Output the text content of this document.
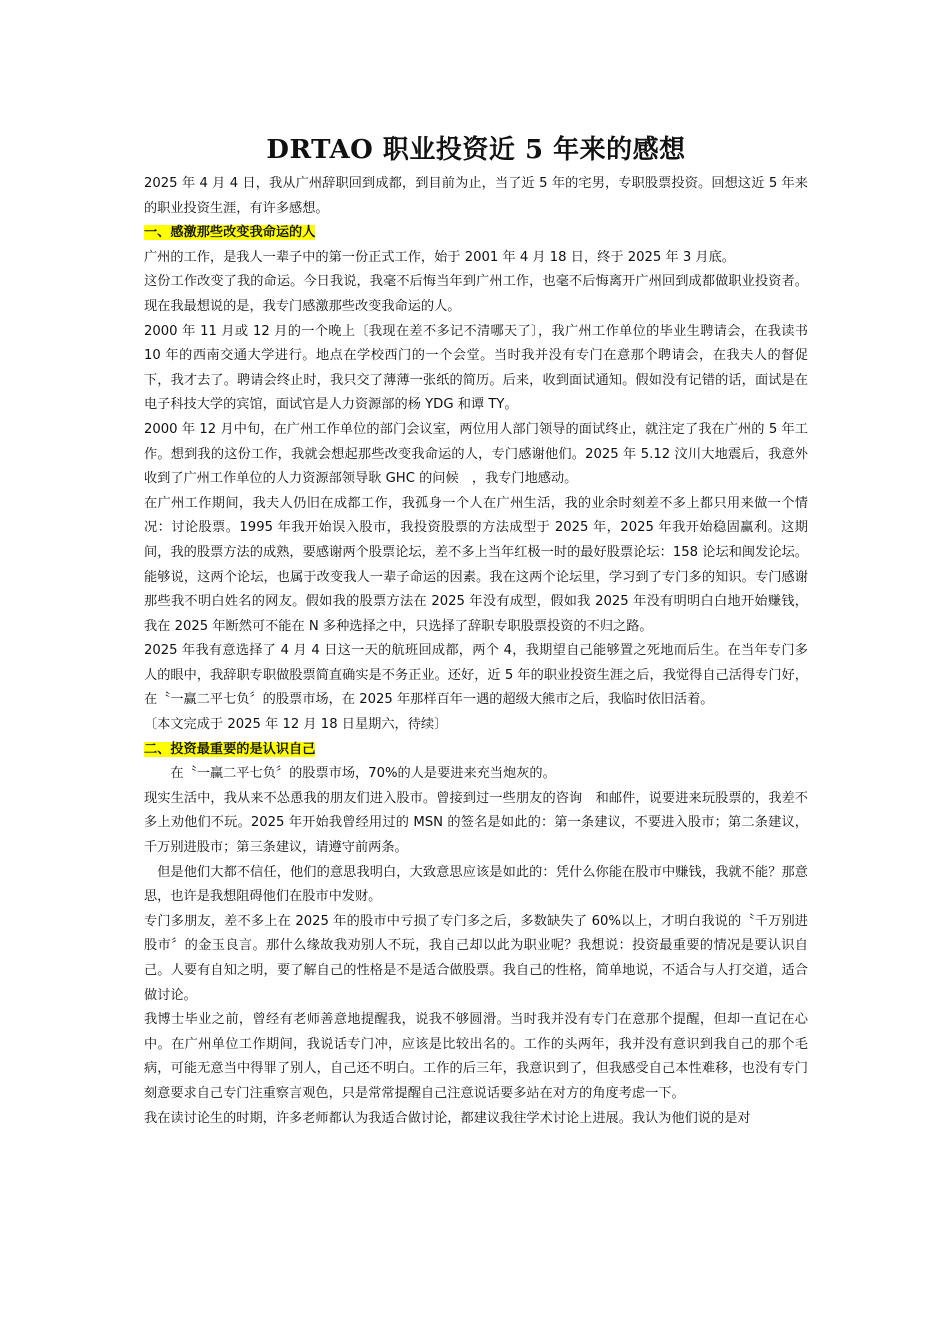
DRTAO 职业投资近 5 年来的感想

2025 年 4 月 4 日，我从广州辞职回到成都，到目前为止，当了近 5 年的宅男，专职股票投资。回想这近 5 年来的职业投资生涯，有许多感想。

一、感激那些改变我命运的人

广州的工作，是我人一辈子中的第一份正式工作，始于 2001 年 4 月 18 日，终于 2025 年 3 月底。

这份工作改变了我的命运。今日我说，我毫不后悔当年到广州工作，也毫不后悔离开广州回到成都做职业投资者。现在我最想说的是，我专门感激那些改变我命运的人。

2000 年 11 月或 12 月的一个晚上〔我现在差不多记不清哪天了〕，我广州工作单位的毕业生聘请会，在我读书 10 年的西南交通大学进行。地点在学校西门的一个会堂。当时我并没有专门在意那个聘请会，在我夫人的督促下，我才去了。聘请会终止时，我只交了薄薄一张纸的简历。后来，收到面试通知。假如没有记错的话，面试是在电子科技大学的宾馆，面试官是人力资源部的杨 YDG 和谭 TY。

2000 年 12 月中旬，在广州工作单位的部门会议室，两位用人部门领导的面试终止，就注定了我在广州的 5 年工作。想到我的这份工作，我就会想起那些改变我命运的人，专门感谢他们。2025 年 5.12 汶川大地震后，我意外收到了广州工作单位的人力资源部领导耿 GHC 的问候　，我专门地感动。

在广州工作期间，我夫人仍旧在成都工作，我孤身一个人在广州生活，我的业余时刻差不多上都只用来做一个情况：讨论股票。1995 年我开始误入股市，我投资股票的方法成型于 2025 年，2025 年我开始稳固赢利。这期间，我的股票方法的成熟，要感谢两个股票论坛，差不多上当年红极一时的最好股票论坛：158 论坛和闽发论坛。能够说，这两个论坛，也属于改变我人一辈子命运的因素。我在这两个论坛里，学习到了专门多的知识。专门感谢那些我不明白姓名的网友。假如我的股票方法在 2025 年没有成型，假如我 2025 年没有明明白白地开始赚钱，我在 2025 年断然可不能在 N 多种选择之中，只选择了辞职专职股票投资的不归之路。

2025 年我有意选择了 4 月 4 日这一天的航班回成都，两个 4，我期望自己能够置之死地而后生。在当年专门多人的眼中，我辞职专职做股票简直确实是不务正业。还好，近 5 年的职业投资生涯之后，我觉得自己活得专门好，在〝一赢二平七负〞的股票市场，在 2025 年那样百年一遇的超级大熊市之后，我临时依旧活着。

〔本文完成于 2025 年 12 月 18 日星期六，待续〕

二、投资最重要的是认识自己

在〝一赢二平七负〞的股票市场，70%的人是要进来充当炮灰的。

现实生活中，我从来不怂恿我的朋友们进入股市。曾接到过一些朋友的咨询　和邮件，说要进来玩股票的，我差不多上劝他们不玩。2025 年开始我曾经用过的 MSN 的签名是如此的：第一条建议，不要进入股市；第二条建议，千万别进股市；第三条建议，请遵守前两条。

但是他们大都不信任，他们的意思我明白，大致意思应该是如此的：凭什么你能在股市中赚钱，我就不能？那意思，也许是我想阻碍他们在股市中发财。

专门多朋友，差不多上在 2025 年的股市中亏损了专门多之后，多数缺失了 60%以上，才明白我说的〝千万别进股市〞的金玉良言。那什么缘故我劝别人不玩，我自己却以此为职业呢？我想说：投资最重要的情况是要认识自己。人要有自知之明，要了解自己的性格是不是适合做股票。我自己的性格，简单地说，不适合与人打交道，适合做讨论。

我博士毕业之前，曾经有老师善意地提醒我，说我不够圆滑。当时我并没有专门在意那个提醒，但却一直记在心中。在广州单位工作期间，我说话专门冲，应该是比较出名的。工作的头两年，我并没有意识到我自己的那个毛病，可能无意当中得罪了别人，自己还不明白。工作的后三年，我意识到了，但我感受自己本性难移，也没有专门刻意要求自己专门注重察言观色，只是常常提醒自己注意说话要多站在对方的角度考虑一下。

我在读讨论生的时期，许多老师都认为我适合做讨论，都建议我往学术讨论上进展。我认为他们说的是对
